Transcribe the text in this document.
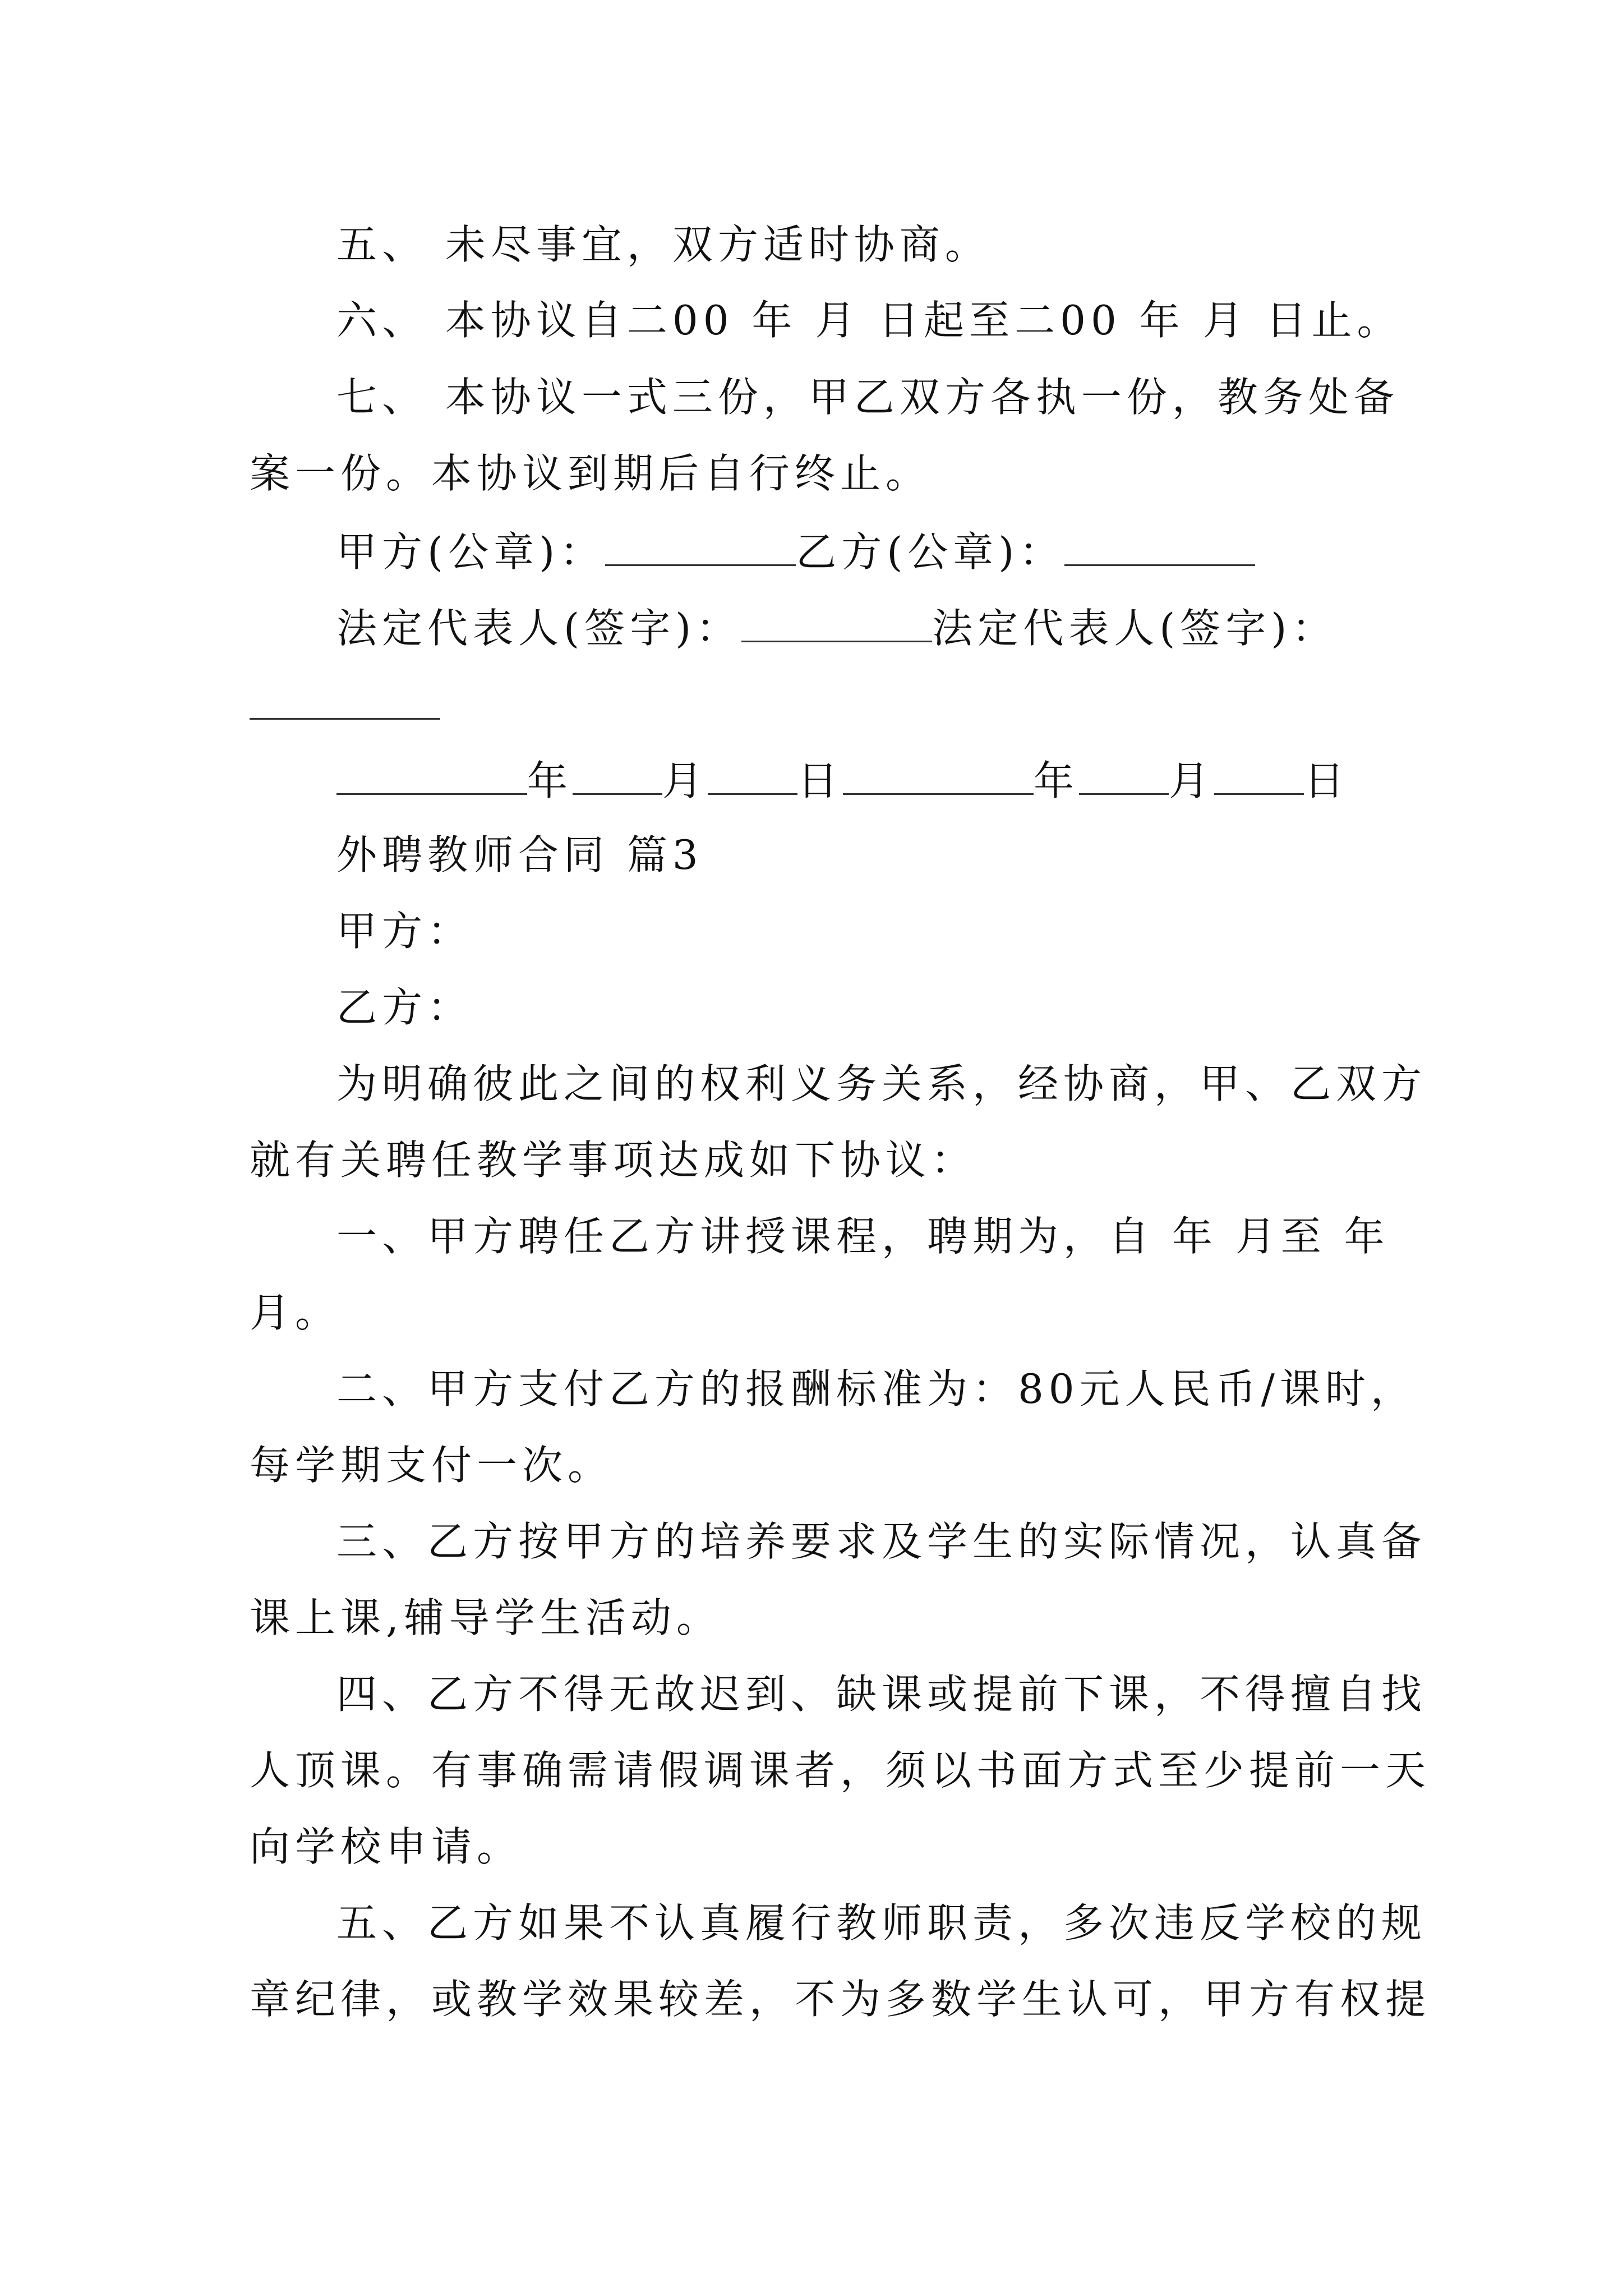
五、 未尽事宜，双方适时协商。
六、 本协议自二00 年 月 日起至二00 年 月 日止。
七、 本协议一式三份，甲乙双方各执一份，教务处备
案一份。本协议到期后自行终止。
甲方(公章)：	乙方(公章)：
法定代表人(签字)：	法定代表人(签字)：
年 月 日	年 月 日
外聘教师合同 篇3
甲方：
乙方：
为明确彼此之间的权利义务关系，经协商，甲、乙双方
就有关聘任教学事项达成如下协议：
一、甲方聘任乙方讲授课程，聘期为，自 年 月至 年
月。
二、甲方支付乙方的报酬标准为：80元人民币/课时，
每学期支付一次。
三、乙方按甲方的培养要求及学生的实际情况，认真备
课上课,辅导学生活动。
四、乙方不得无故迟到、缺课或提前下课，不得擅自找
人顶课。有事确需请假调课者，须以书面方式至少提前一天
向学校申请。
五、乙方如果不认真履行教师职责，多次违反学校的规
章纪律，或教学效果较差，不为多数学生认可，甲方有权提
